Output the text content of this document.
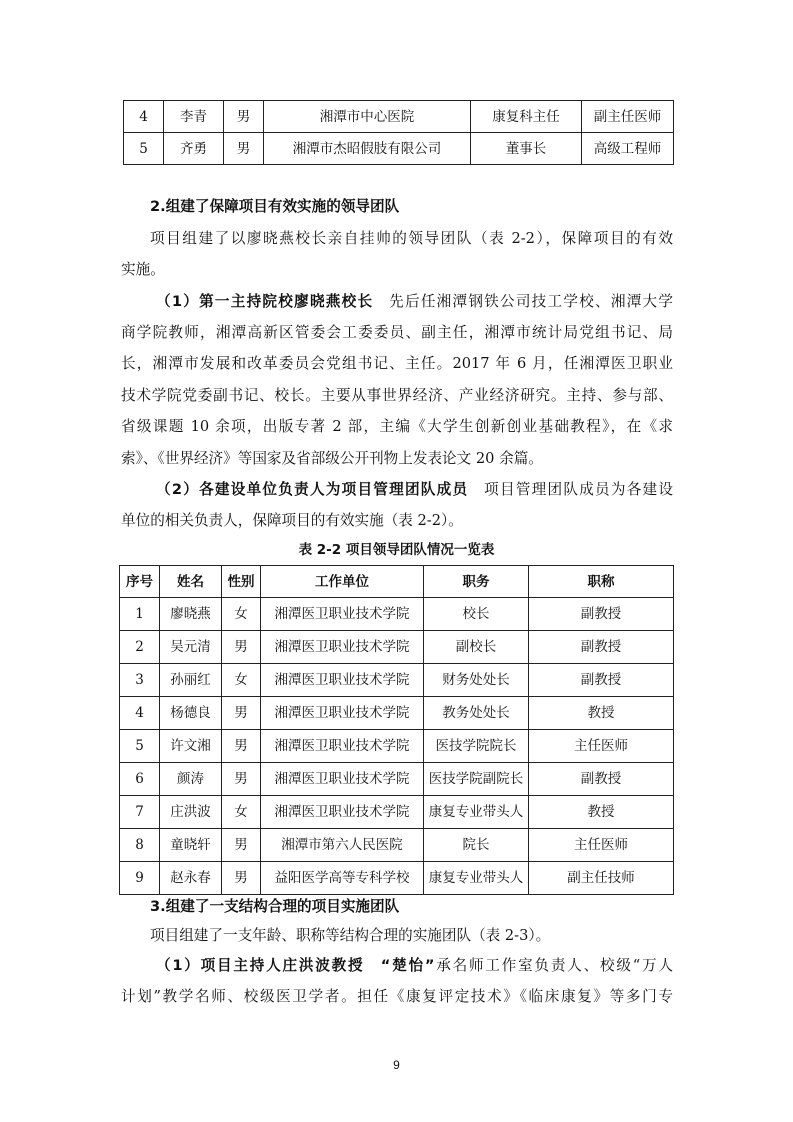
4	李青	男	湘潭市中心医院	康复科主任	副主任医师
5	齐勇	男	湘潭市杰昭假肢有限公司	董事长	高级工程师
2.组建了保障项目有效实施的领导团队
项目组建了以廖晓燕校长亲自挂帅的领导团队（表 2-2），保障项目的有效
实施。
（1）第一主持院校廖晓燕校长　 先后任湘潭钢铁公司技工学校、湘潭大学
商学院教师，湘潭高新区管委会工委委员、副主任，湘潭市统计局党组书记、局
长，湘潭市发展和改革委员会党组书记、主任。2017 年 6 月，任湘潭医卫职业
技术学院党委副书记、校长。主要从事世界经济、产业经济研究。主持、参与部、
省级课题 10 余项，出版专著 2 部，主编《大学生创新创业基础教程》，在《求
索》、《世界经济》等国家及省部级公开刊物上发表论文 20 余篇。
（2）各建设单位负责人为项目管理团队成员　 项目管理团队成员为各建设
单位的相关负责人，保障项目的有效实施（表 2-2）。
表 2-2 项目领导团队情况一览表
序号	姓名	性别	工作单位	职务	职称
1	廖晓燕	女	湘潭医卫职业技术学院	校长	副教授
2	吴元清	男	湘潭医卫职业技术学院	副校长	副教授
3	孙丽红	女	湘潭医卫职业技术学院	财务处处长	副教授
4	杨德良	男	湘潭医卫职业技术学院	教务处处长	教授
5	许文湘	男	湘潭医卫职业技术学院	医技学院院长	主任医师
6	颜涛	男	湘潭医卫职业技术学院	医技学院副院长	副教授
7	庄洪波	女	湘潭医卫职业技术学院	康复专业带头人	教授
8	童晓轩	男	湘潭市第六人民医院	院长	主任医师
9	赵永春	男	益阳医学高等专科学校	康复专业带头人	副主任技师
3.组建了一支结构合理的项目实施团队
项目组建了一支年龄、职称等结构合理的实施团队（表 2-3）。
（1）项目主持人庄洪波教授　“楚怡”承名师工作室负责人、校级“万人
计划”教学名师、校级医卫学者。担任《康复评定技术》《临床康复》等多门专
9
